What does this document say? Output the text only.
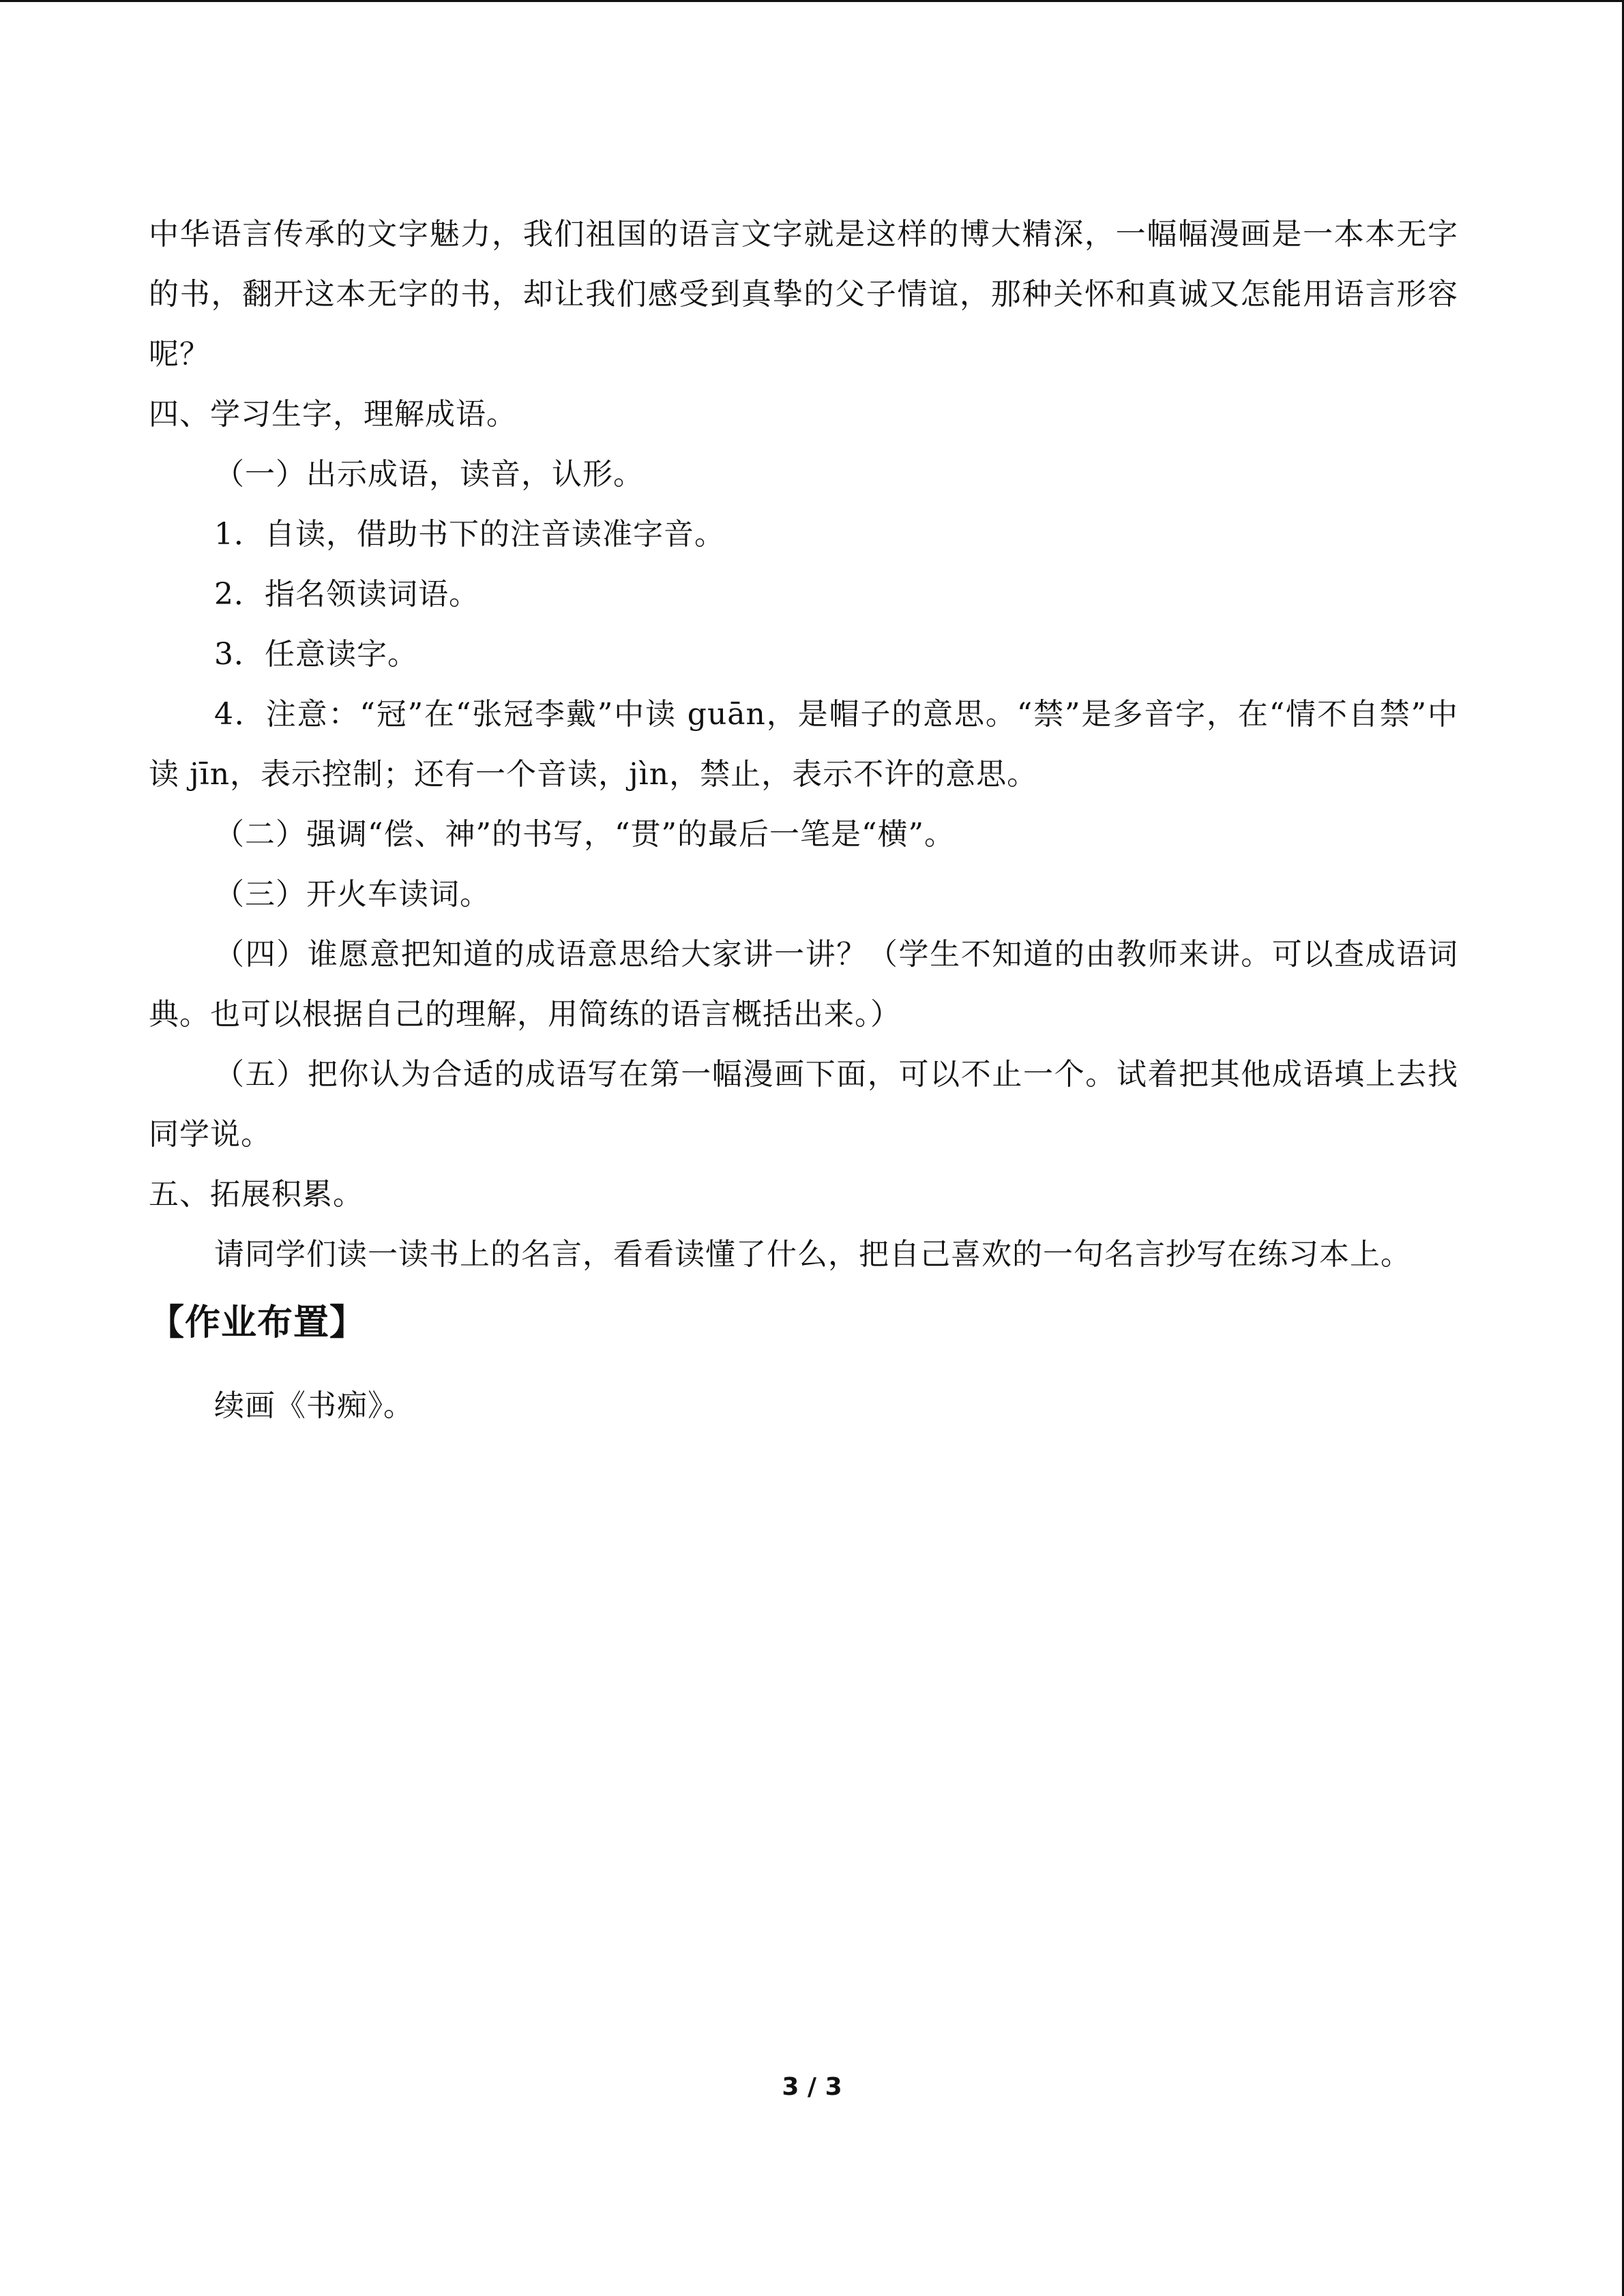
中华语言传承的文字魅力，我们祖国的语言文字就是这样的博大精深，一幅幅漫画是一本本无字的书，翻开这本无字的书，却让我们感受到真挚的父子情谊，那种关怀和真诚又怎能用语言形容呢？

四、学习生字，理解成语。

（一）出示成语，读音，认形。

1．自读，借助书下的注音读准字音。

2．指名领读词语。

3．任意读字。

4．注意：“冠”在“张冠李戴”中读 guān，是帽子的意思。“禁”是多音字，在“情不自禁”中读 jīn，表示控制；还有一个音读，jìn，禁止，表示不许的意思。

（二）强调“偿、神”的书写，“贯”的最后一笔是“横”。

（三）开火车读词。

（四）谁愿意把知道的成语意思给大家讲一讲？（学生不知道的由教师来讲。可以查成语词典。也可以根据自己的理解，用简练的语言概括出来。）

（五）把你认为合适的成语写在第一幅漫画下面，可以不止一个。试着把其他成语填上去找同学说。

五、拓展积累。

请同学们读一读书上的名言，看看读懂了什么，把自己喜欢的一句名言抄写在练习本上。

【作业布置】

续画《书痴》。

3 / 3
